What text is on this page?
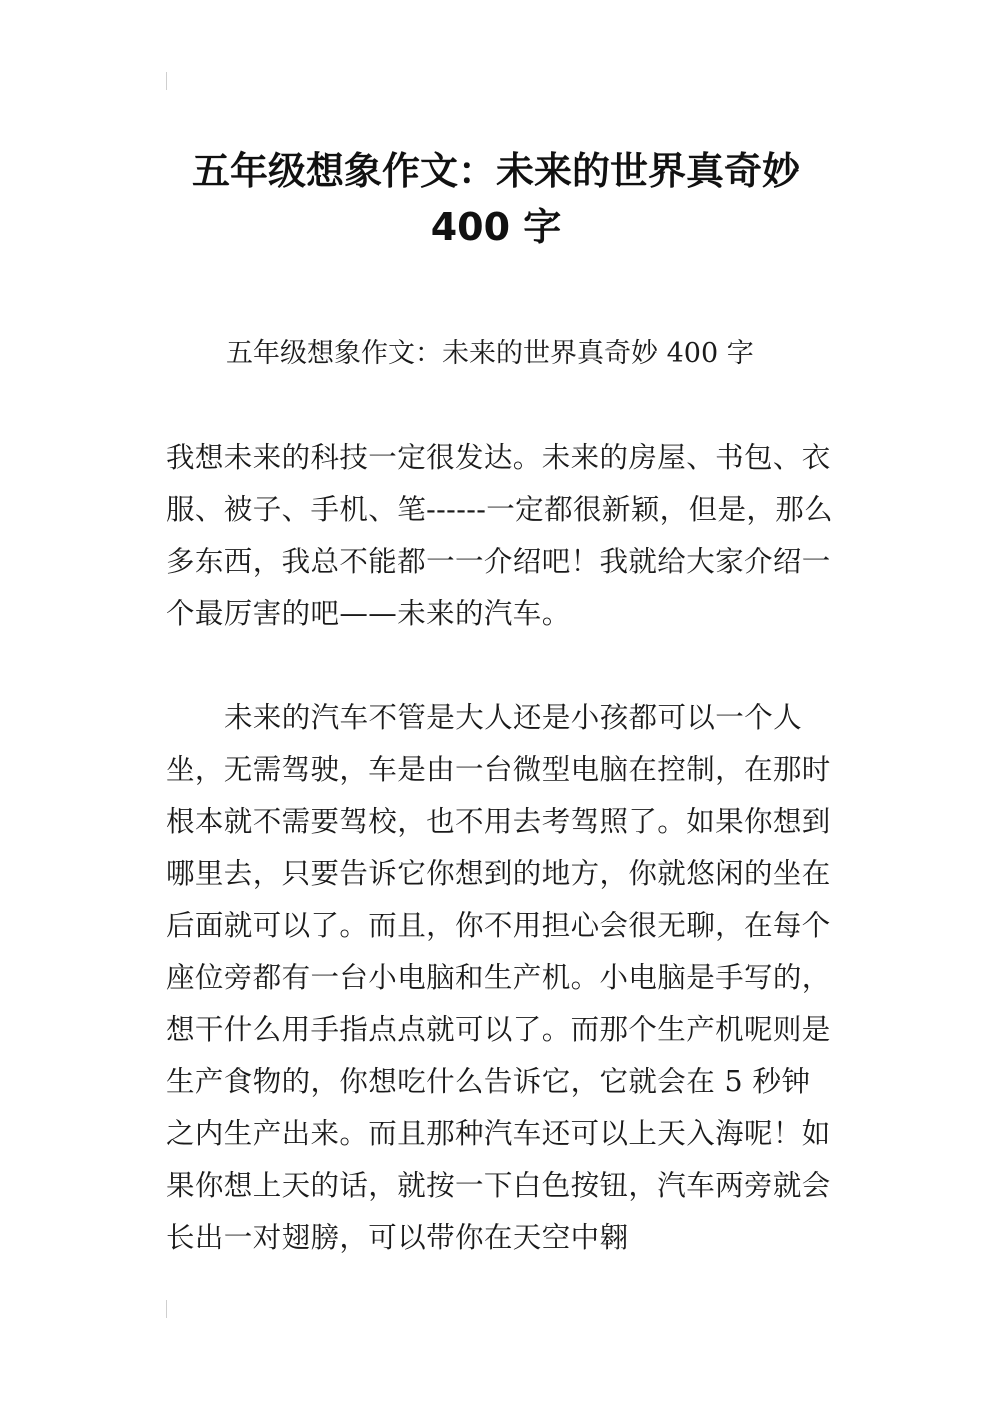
五年级想象作文：未来的世界真奇妙
400 字
五年级想象作文：未来的世界真奇妙 400 字

我想未来的科技一定很发达。未来的房屋、书包、衣服、被子、手机、笔------一定都很新颖，但是，那么多东西，我总不能都一一介绍吧！我就给大家介绍一个最厉害的吧——未来的汽车。

未来的汽车不管是大人还是小孩都可以一个人坐，无需驾驶，车是由一台微型电脑在控制，在那时根本就不需要驾校，也不用去考驾照了。如果你想到哪里去，只要告诉它你想到的地方，你就悠闲的坐在后面就可以了。而且，你不用担心会很无聊，在每个座位旁都有一台小电脑和生产机。小电脑是手写的，想干什么用手指点点就可以了。而那个生产机呢则是生产食物的，你想吃什么告诉它，它就会在 5 秒钟之内生产出来。而且那种汽车还可以上天入海呢！如果你想上天的话，就按一下白色按钮，汽车两旁就会长出一对翅膀，可以带你在天空中翱
